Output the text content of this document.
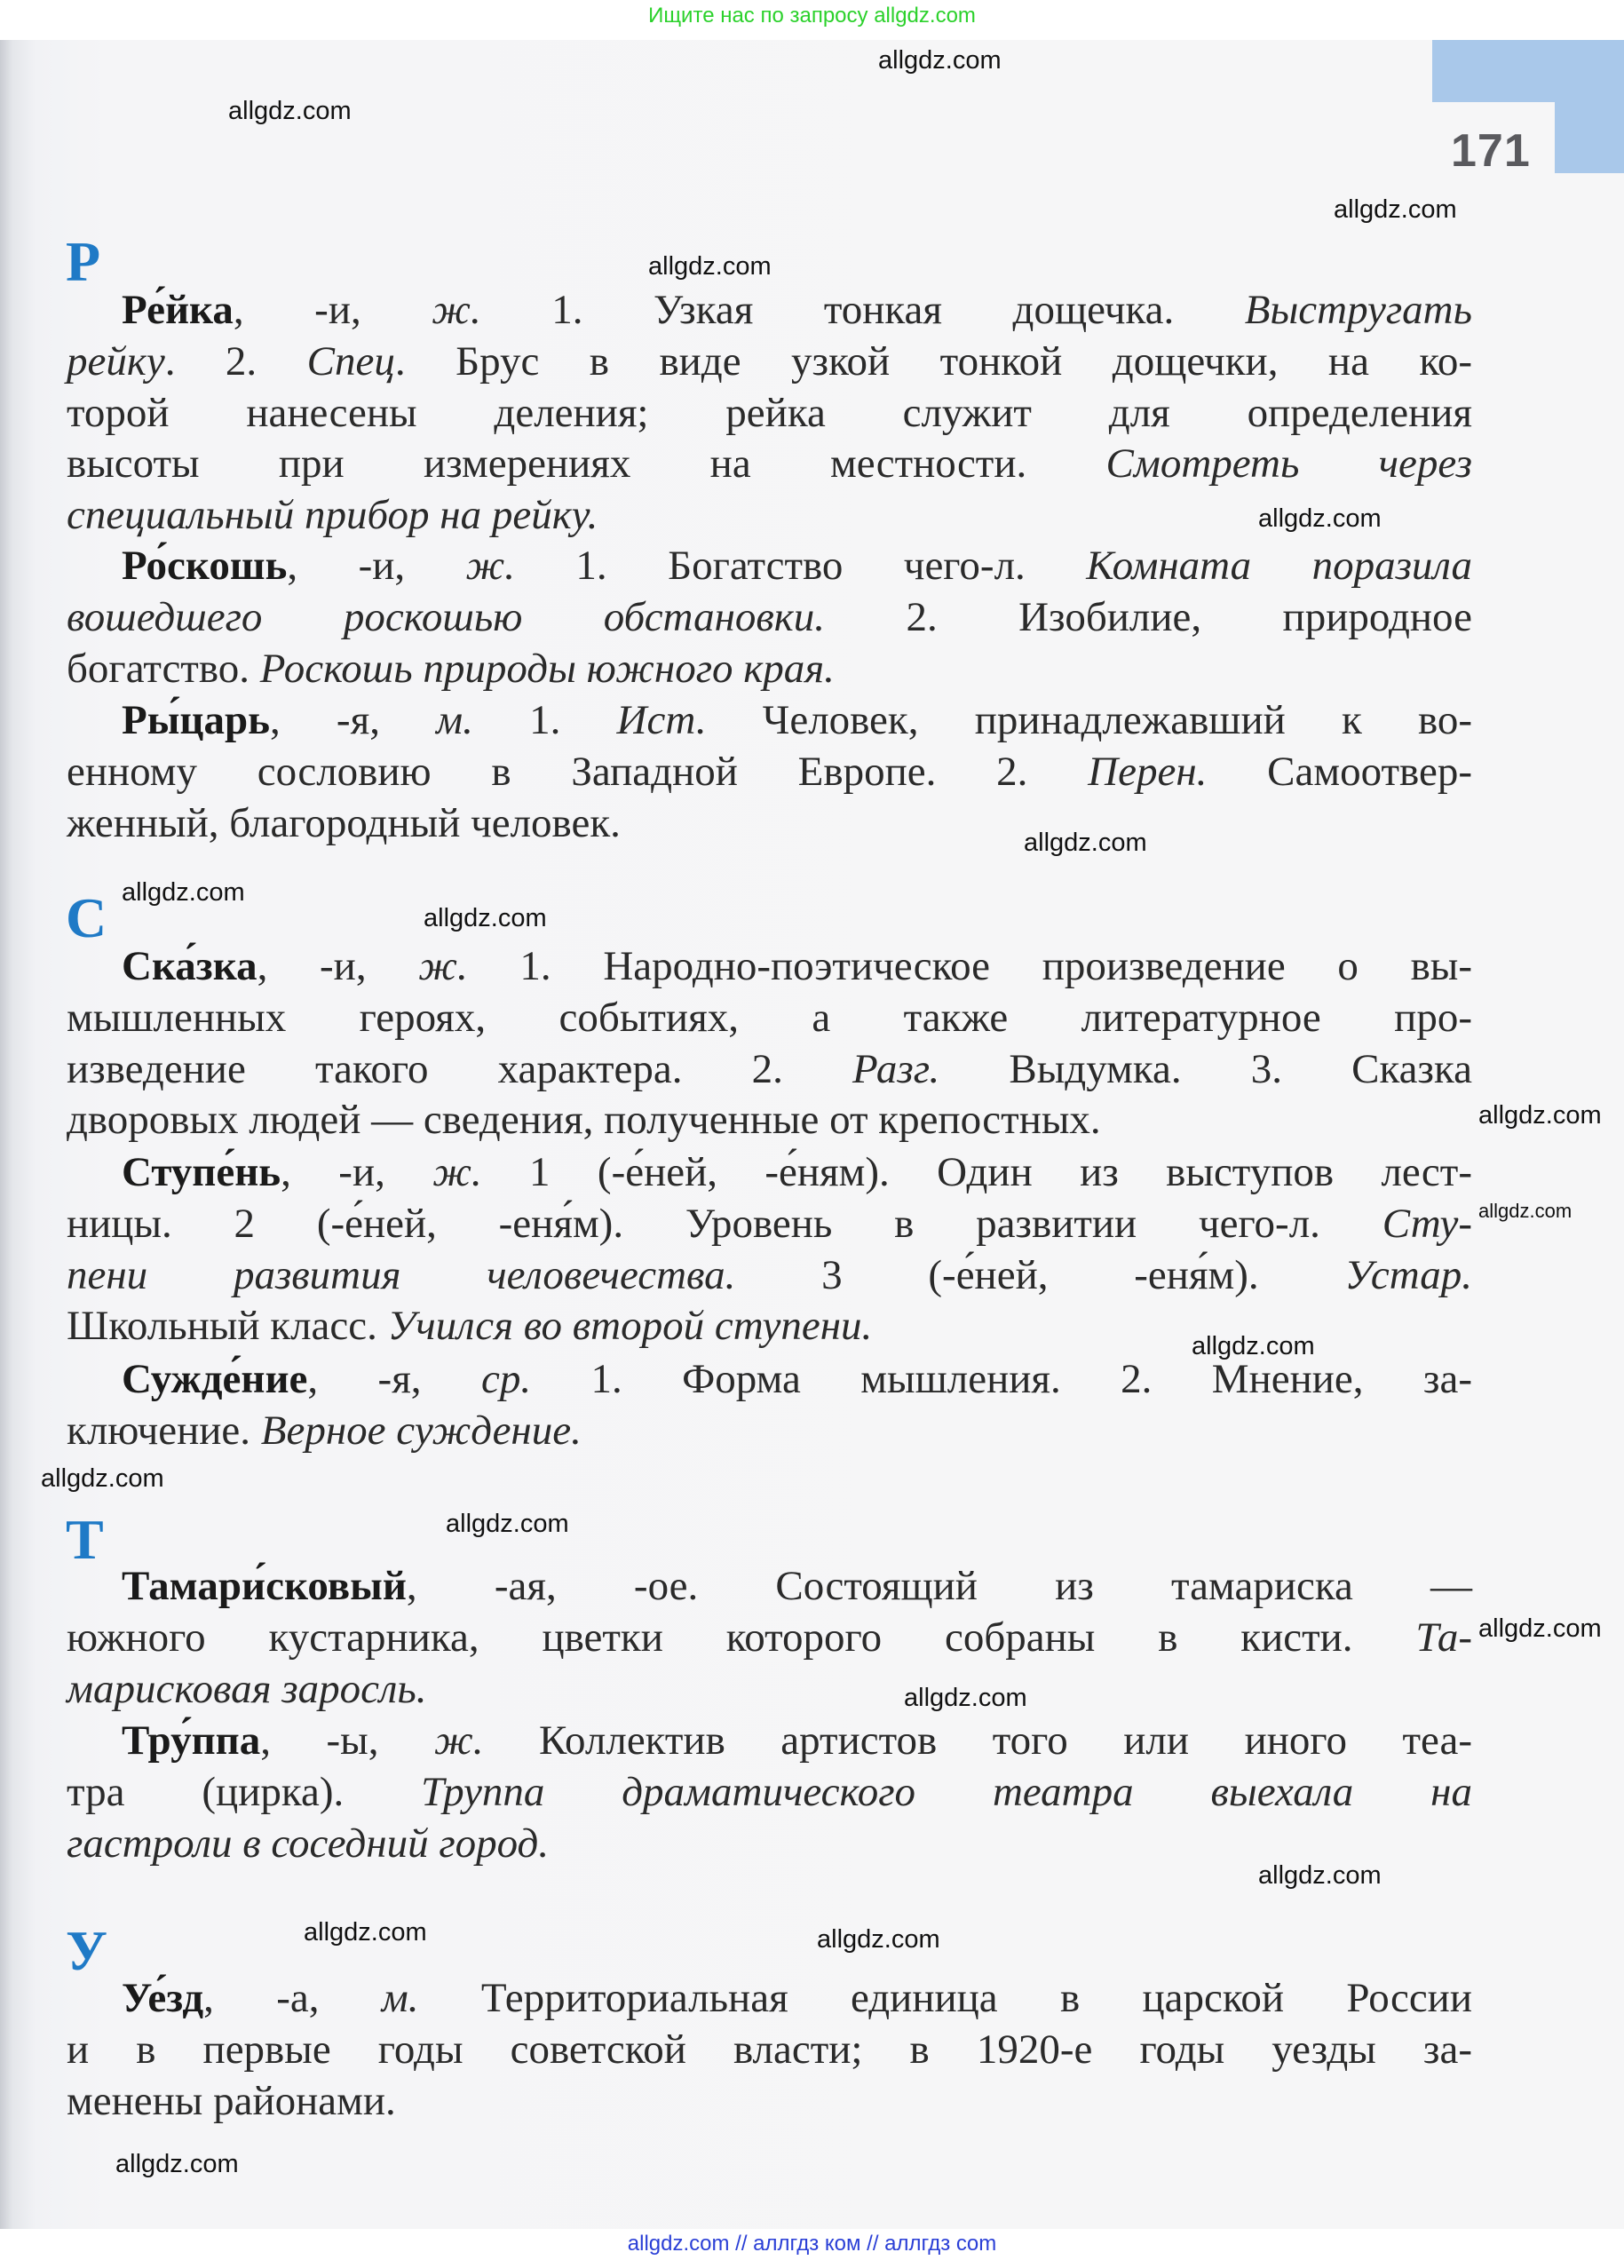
Ищите нас по запросу allgdz.com
171
Р
С
Т
У
Ре́йка, -и, ж. 1. Узкая тонкая дощечка. Выстругать
рейку. 2. Спец. Брус в виде узкой тонкой дощечки, на ко-
торой нанесены деления; рейка служит для определения
высоты при измерениях на местности. Смотреть через
специальный прибор на рейку.
Ро́скошь, -и, ж. 1. Богатство чего-л. Комната поразила
вошедшего роскошью обстановки. 2. Изобилие, природное
богатство. Роскошь природы южного края.
Ры́царь, -я, м. 1. Ист. Человек, принадлежавший к во-
енному сословию в Западной Европе. 2. Перен. Самоотвер-
женный, благородный человек.
Ска́зка, -и, ж. 1. Народно-поэтическое произведение о вы-
мышленных героях, событиях, а также литературное про-
изведение такого характера. 2. Разг. Выдумка. 3. Сказка
дворовых людей — сведения, полученные от крепостных.
Ступе́нь, -и, ж. 1 (-е́ней, -е́ням). Один из выступов лест-
ницы. 2 (-е́ней, -еня́м). Уровень в развитии чего-л. Сту-
пени развития человечества. 3 (-е́ней, -еня́м). Устар.
Школьный класс. Учился во второй ступени.
Сужде́ние, -я, ср. 1. Форма мышления. 2. Мнение, за-
ключение. Верное суждение.
Тамари́сковый, -ая, -ое. Состоящий из тамариска —
южного кустарника, цветки которого собраны в кисти. Та-
марисковая заросль.
Тру́ппа, -ы, ж. Коллектив артистов того или иного теа-
тра (цирка). Труппа драматического театра выехала на
гастроли в соседний город.
Уе́зд, -а, м. Территориальная единица в царской России
и в первые годы советской власти; в 1920-е годы уезды за-
менены районами.
allgdz.com
allgdz.com
allgdz.com
allgdz.com
allgdz.com
allgdz.com
allgdz.com
allgdz.com
allgdz.com
allgdz.com
allgdz.com
allgdz.com
allgdz.com
allgdz.com
allgdz.com
allgdz.com
allgdz.com	allgdz.com
allgdz.com
allgdz.com // аллгдз ком // аллгдз com
